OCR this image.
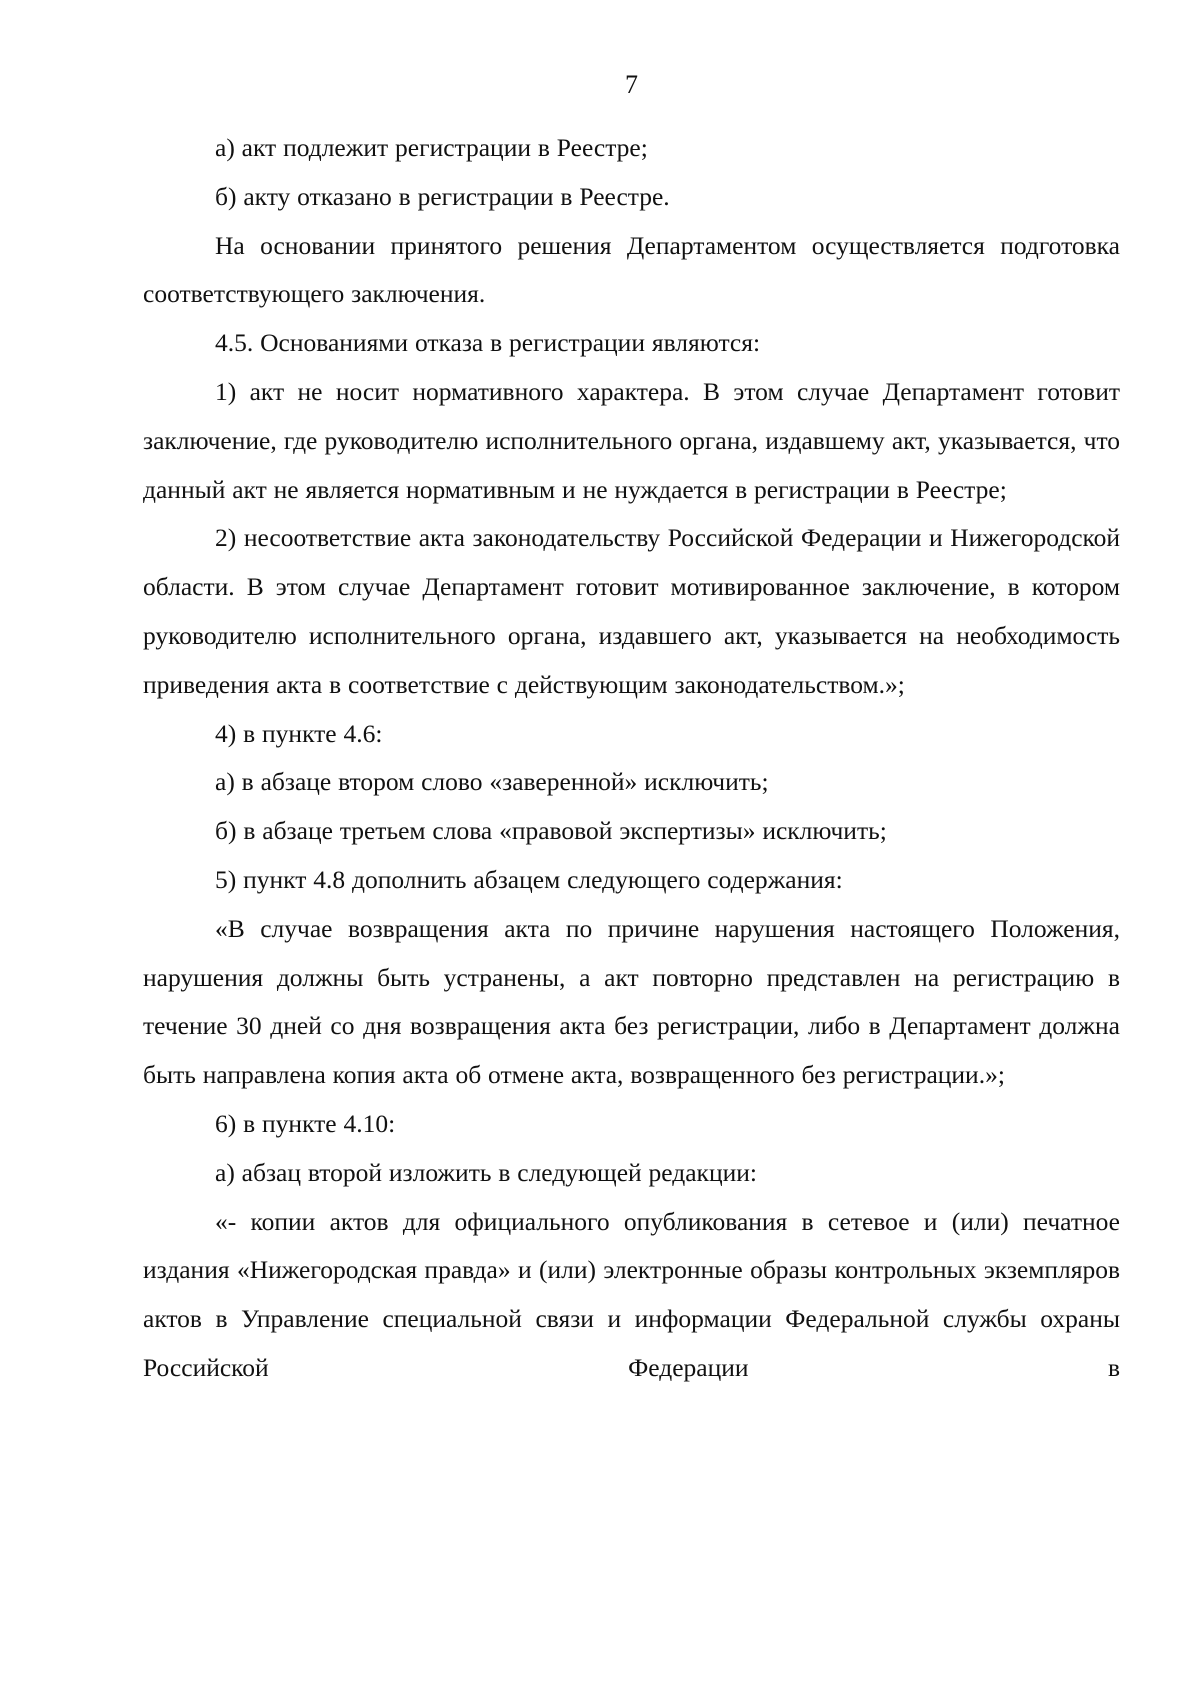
7

а) акт подлежит регистрации в Реестре;

б) акту отказано в регистрации в Реестре.

На основании принятого решения Департаментом осуществляется подготовка соответствующего заключения.

4.5. Основаниями отказа в регистрации являются:

1) акт не носит нормативного характера. В этом случае Департамент готовит заключение, где руководителю исполнительного органа, издавшему акт, указывается, что данный акт не является нормативным и не нуждается в регистрации в Реестре;

2) несоответствие акта законодательству Российской Федерации и Нижегородской области. В этом случае Департамент готовит мотивированное заключение, в котором руководителю исполнительного органа, издавшего акт, указывается на необходимость приведения акта в соответствие с действующим законодательством.»;

4) в пункте 4.6:

а) в абзаце втором слово «заверенной» исключить;

б) в абзаце третьем слова «правовой экспертизы» исключить;

5) пункт 4.8 дополнить абзацем следующего содержания:

«В случае возвращения акта по причине нарушения настоящего Положения, нарушения должны быть устранены, а акт повторно представлен на регистрацию в течение 30 дней со дня возвращения акта без регистрации, либо в Департамент должна быть направлена копия акта об отмене акта, возвращенного без регистрации.»;

6) в пункте 4.10:

а) абзац второй изложить в следующей редакции:

«- копии актов для официального опубликования в сетевое и (или) печатное издания «Нижегородская правда» и (или) электронные образы контрольных экземпляров актов в Управление специальной связи и информации Федеральной службы охраны Российской Федерации в
